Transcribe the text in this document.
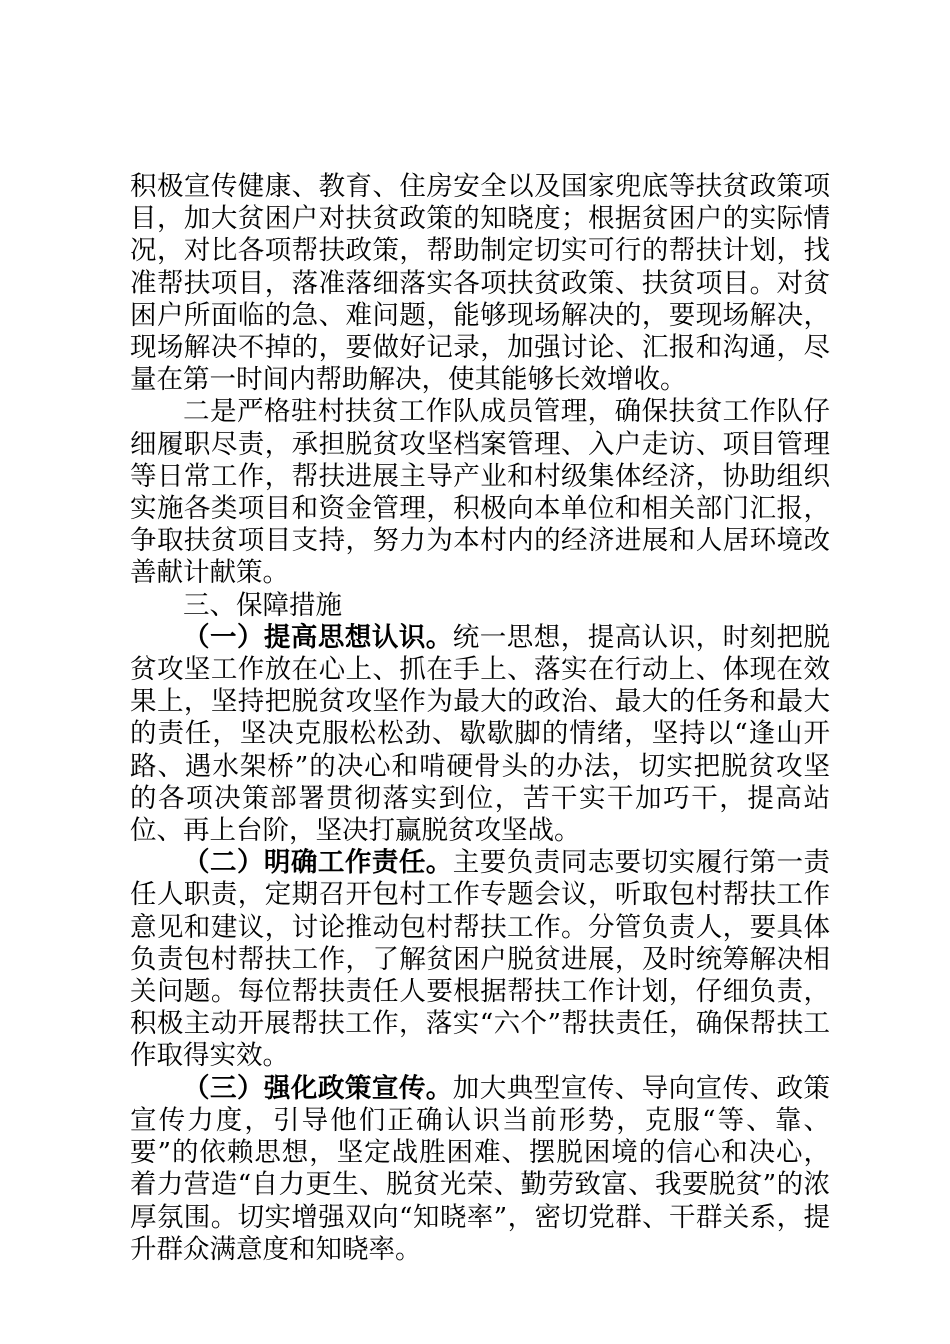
积极宣传健康、教育、住房安全以及国家兜底等扶贫政策项目，加大贫困户对扶贫政策的知晓度；根据贫困户的实际情况，对比各项帮扶政策，帮助制定切实可行的帮扶计划，找准帮扶项目，落准落细落实各项扶贫政策、扶贫项目。对贫困户所面临的急、难问题，能够现场解决的，要现场解决，现场解决不掉的，要做好记录，加强讨论、汇报和沟通，尽量在第一时间内帮助解决，使其能够长效增收。

二是严格驻村扶贫工作队成员管理，确保扶贫工作队仔细履职尽责，承担脱贫攻坚档案管理、入户走访、项目管理等日常工作，帮扶进展主导产业和村级集体经济，协助组织实施各类项目和资金管理，积极向本单位和相关部门汇报，争取扶贫项目支持，努力为本村内的经济进展和人居环境改善献计献策。

三、保障措施

（一）提高思想认识。统一思想，提高认识，时刻把脱贫攻坚工作放在心上、抓在手上、落实在行动上、体现在效果上，坚持把脱贫攻坚作为最大的政治、最大的任务和最大的责任，坚决克服松松劲、歇歇脚的情绪，坚持以“逢山开路、遇水架桥”的决心和啃硬骨头的办法，切实把脱贫攻坚的各项决策部署贯彻落实到位，苦干实干加巧干，提高站位、再上台阶，坚决打赢脱贫攻坚战。

（二）明确工作责任。主要负责同志要切实履行第一责任人职责，定期召开包村工作专题会议，听取包村帮扶工作意见和建议，讨论推动包村帮扶工作。分管负责人，要具体负责包村帮扶工作，了解贫困户脱贫进展，及时统筹解决相关问题。每位帮扶责任人要根据帮扶工作计划，仔细负责，积极主动开展帮扶工作，落实“六个”帮扶责任，确保帮扶工作取得实效。

（三）强化政策宣传。加大典型宣传、导向宣传、政策宣传力度，引导他们正确认识当前形势，克服“等、靠、要”的依赖思想，坚定战胜困难、摆脱困境的信心和决心，着力营造“自力更生、脱贫光荣、勤劳致富、我要脱贫”的浓厚氛围。切实增强双向“知晓率”，密切党群、干群关系，提升群众满意度和知晓率。
